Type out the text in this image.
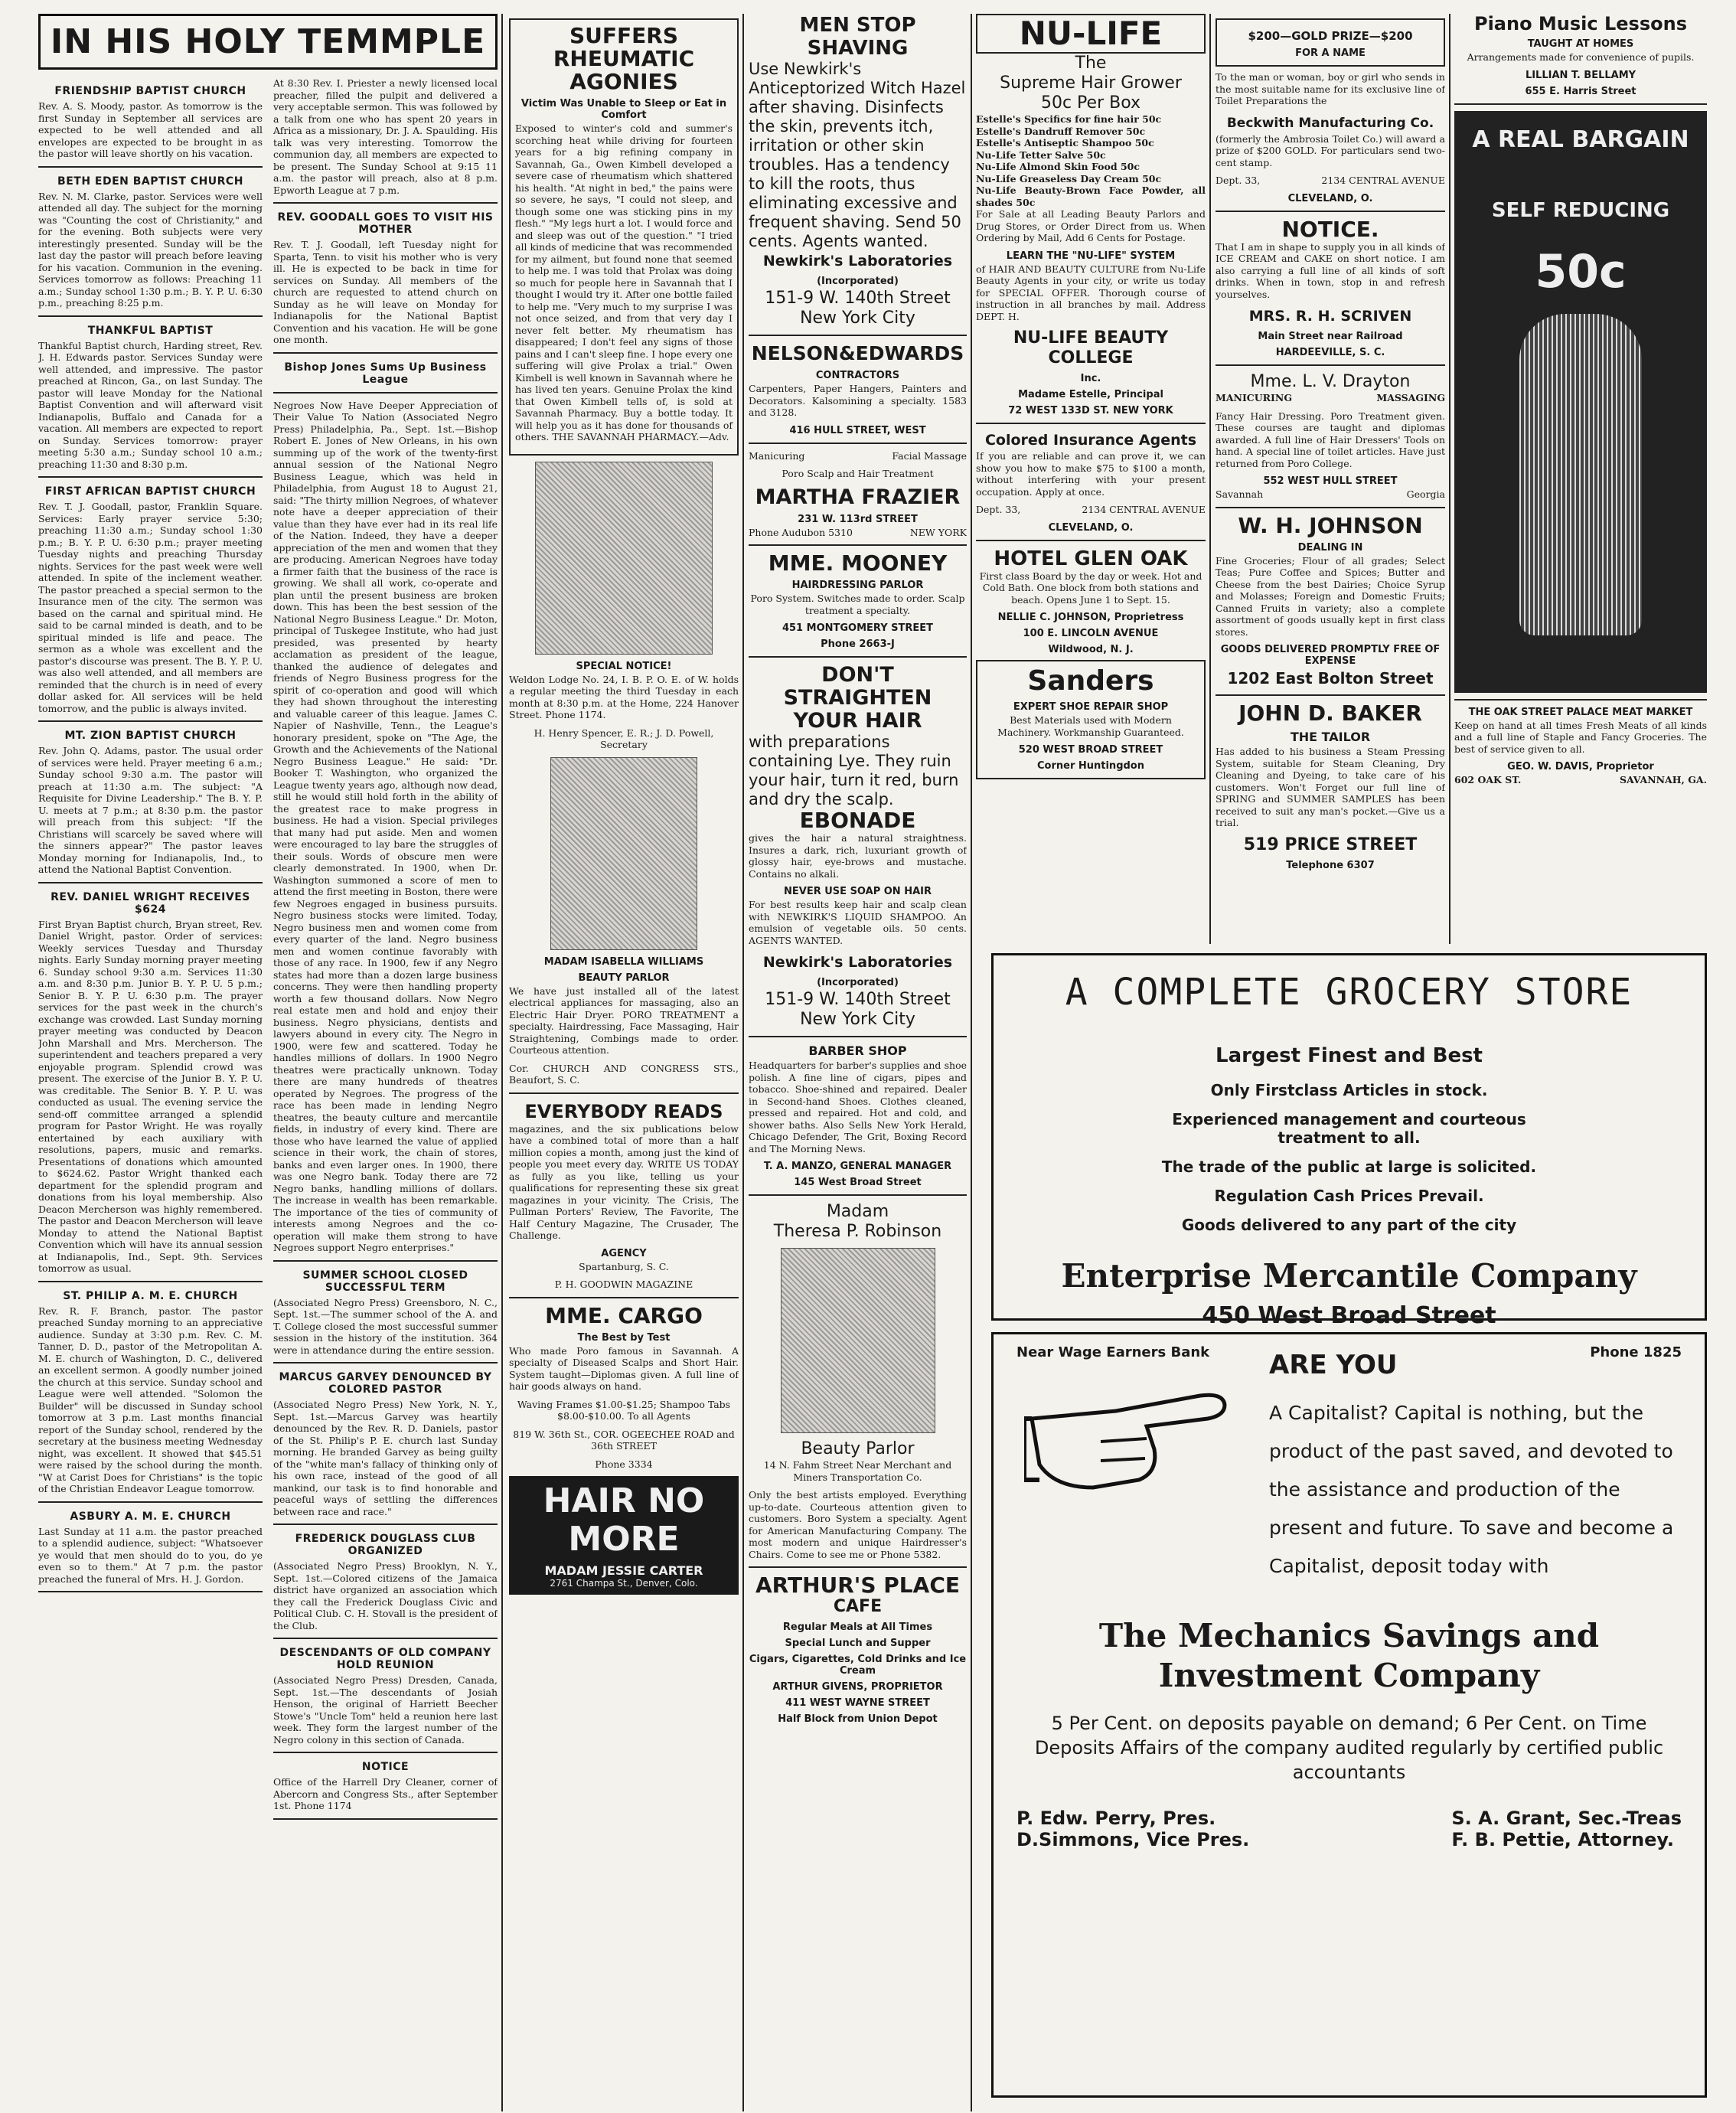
IN HIS HOLY TEMMPLE
FRIENDSHIP BAPTIST CHURCH

Rev. A. S. Moody, pastor. As tomorrow is the first Sunday in September all services are expected to be well attended and all envelopes are expected to be brought in as the pastor will leave shortly on his vacation.

BETH EDEN BAPTIST CHURCH

Rev. N. M. Clarke, pastor. Services were well attended all day. The subject for the morning was "Counting the cost of Christianity," and for the evening. Both subjects were very interestingly presented. Sunday will be the last day the pastor will preach before leaving for his vacation. Communion in the evening. Services tomorrow as follows: Preaching 11 a.m.; Sunday school 1:30 p.m.; B. Y. P. U. 6:30 p.m., preaching 8:25 p.m.

THANKFUL BAPTIST

Thankful Baptist church, Harding street, Rev. J. H. Edwards pastor. Services Sunday were well attended, and impressive. The pastor preached at Rincon, Ga., on last Sunday. The pastor will leave Monday for the National Baptist Convention and will afterward visit Indianapolis, Buffalo and Canada for a vacation. All members are expected to report on Sunday. Services tomorrow: prayer meeting 5:30 a.m.; Sunday school 10 a.m.; preaching 11:30 and 8:30 p.m.

FIRST AFRICAN BAPTIST CHURCH

Rev. T. J. Goodall, pastor, Franklin Square. Services: Early prayer service 5:30; preaching 11:30 a.m.; Sunday school 1:30 p.m.; B. Y. P. U. 6:30 p.m.; prayer meeting Tuesday nights and preaching Thursday nights. Services for the past week were well attended. In spite of the inclement weather. The pastor preached a special sermon to the Insurance men of the city. The sermon was based on the carnal and spiritual mind. He said to be carnal minded is death, and to be spiritual minded is life and peace. The sermon as a whole was excellent and the pastor's discourse was present. The B. Y. P. U. was also well attended, and all members are reminded that the church is in need of every dollar asked for. All services will be held tomorrow, and the public is always invited.

MT. ZION BAPTIST CHURCH

Rev. John Q. Adams, pastor. The usual order of services were held. Prayer meeting 6 a.m.; Sunday school 9:30 a.m. The pastor will preach at 11:30 a.m. The subject: "A Requisite for Divine Leadership." The B. Y. P. U. meets at 7 p.m.; at 8:30 p.m. the pastor will preach from this subject: "If the Christians will scarcely be saved where will the sinners appear?" The pastor leaves Monday morning for Indianapolis, Ind., to attend the National Baptist Convention.

REV. DANIEL WRIGHT RECEIVES $624

First Bryan Baptist church, Bryan street, Rev. Daniel Wright, pastor. Order of services: Weekly services Tuesday and Thursday nights. Early Sunday morning prayer meeting 6. Sunday school 9:30 a.m. Services 11:30 a.m. and 8:30 p.m. Junior B. Y. P. U. 5 p.m.; Senior B. Y. P. U. 6:30 p.m. The prayer services for the past week in the church's exchange was crowded. Last Sunday morning prayer meeting was conducted by Deacon John Marshall and Mrs. Mercherson. The superintendent and teachers prepared a very enjoyable program. Splendid crowd was present. The exercise of the Junior B. Y. P. U. was creditable. The Senior B. Y. P. U. was conducted as usual. The evening service the send-off committee arranged a splendid program for Pastor Wright. He was royally entertained by each auxiliary with resolutions, papers, music and remarks. Presentations of donations which amounted to $624.62. Pastor Wright thanked each department for the splendid program and donations from his loyal membership. Also Deacon Mercherson was highly remembered. The pastor and Deacon Mercherson will leave Monday to attend the National Baptist Convention which will have its annual session at Indianapolis, Ind., Sept. 9th. Services tomorrow as usual.

ST. PHILIP A. M. E. CHURCH

Rev. R. F. Branch, pastor. The pastor preached Sunday morning to an appreciative audience. Sunday at 3:30 p.m. Rev. C. M. Tanner, D. D., pastor of the Metropolitan A. M. E. church of Washington, D. C., delivered an excellent sermon. A goodly number joined the church at this service. Sunday school and League were well attended. "Solomon the Builder" will be discussed in Sunday school tomorrow at 3 p.m. Last months financial report of the Sunday school, rendered by the secretary at the business meeting Wednesday night, was excellent. It showed that $45.51 were raised by the school during the month. "W at Carist Does for Christians" is the topic of the Christian Endeavor League tomorrow.

ASBURY A. M. E. CHURCH

Last Sunday at 11 a.m. the pastor preached to a splendid audience, subject: "Whatsoever ye would that men should do to you, do ye even so to them." At 7 p.m. the pastor preached the funeral of Mrs. H. J. Gordon.

At 8:30 Rev. I. Priester a newly licensed local preacher, filled the pulpit and delivered a very acceptable sermon. This was followed by a talk from one who has spent 20 years in Africa as a missionary, Dr. J. A. Spaulding. His talk was very interesting. Tomorrow the communion day, all members are expected to be present. The Sunday School at 9:15 11 a.m. the pastor will preach, also at 8 p.m. Epworth League at 7 p.m.

REV. GOODALL GOES TO VISIT HIS MOTHER

Rev. T. J. Goodall, left Tuesday night for Sparta, Tenn. to visit his mother who is very ill. He is expected to be back in time for services on Sunday. All members of the church are requested to attend church on Sunday as he will leave on Monday for Indianapolis for the National Baptist Convention and his vacation. He will be gone one month.

Bishop Jones Sums Up Business League

Negroes Now Have Deeper Appreciation of Their Value To Nation (Associated Negro Press) Philadelphia, Pa., Sept. 1st.—Bishop Robert E. Jones of New Orleans, in his own summing up of the work of the twenty-first annual session of the National Negro Business League, which was held in Philadelphia, from August 18 to August 21, said: "The thirty million Negroes, of whatever note have a deeper appreciation of their value than they have ever had in its real life of the Nation. Indeed, they have a deeper appreciation of the men and women that they are producing. American Negroes have today a firmer faith that the business of the race is growing. We shall all work, co-operate and plan until the present business are broken down. This has been the best session of the National Negro Business League." Dr. Moton, principal of Tuskegee Institute, who had just presided, was presented by hearty acclamation as president of the league, thanked the audience of delegates and friends of Negro Business progress for the spirit of co-operation and good will which they had shown throughout the interesting and valuable career of this league. James C. Napier of Nashville, Tenn., the League's honorary president, spoke on "The Age, the Growth and the Achievements of the National Negro Business League." He said: "Dr. Booker T. Washington, who organized the League twenty years ago, although now dead, still he would still hold forth in the ability of the greatest race to make progress in business. He had a vision. Special privileges that many had put aside. Men and women were encouraged to lay bare the struggles of their souls. Words of obscure men were clearly demonstrated. In 1900, when Dr. Washington summoned a score of men to attend the first meeting in Boston, there were few Negroes engaged in business pursuits. Negro business stocks were limited. Today, Negro business men and women come from every quarter of the land. Negro business men and women continue favorably with those of any race. In 1900, few if any Negro states had more than a dozen large business concerns. They were then handling property worth a few thousand dollars. Now Negro real estate men and hold and enjoy their business. Negro physicians, dentists and lawyers abound in every city. The Negro in 1900, were few and scattered. Today he handles millions of dollars. In 1900 Negro theatres were practically unknown. Today there are many hundreds of theatres operated by Negroes. The progress of the race has been made in lending Negro theatres, the beauty culture and mercantile fields, in industry of every kind. There are those who have learned the value of applied science in their work, the chain of stores, banks and even larger ones. In 1900, there was one Negro bank. Today there are 72 Negro banks, handling millions of dollars. The increase in wealth has been remarkable. The importance of the ties of community of interests among Negroes and the co-operation will make them strong to have Negroes support Negro enterprises."

SUMMER SCHOOL CLOSED SUCCESSFUL TERM

(Associated Negro Press) Greensboro, N. C., Sept. 1st.—The summer school of the A. and T. College closed the most successful summer session in the history of the institution. 364 were in attendance during the entire session.

MARCUS GARVEY DENOUNCED BY COLORED PASTOR

(Associated Negro Press) New York, N. Y., Sept. 1st.—Marcus Garvey was heartily denounced by the Rev. R. D. Daniels, pastor of the St. Philip's P. E. church last Sunday morning. He branded Garvey as being guilty of the "white man's fallacy of thinking only of his own race, instead of the good of all mankind, our task is to find honorable and peaceful ways of settling the differences between race and race."

FREDERICK DOUGLASS CLUB ORGANIZED

(Associated Negro Press) Brooklyn, N. Y., Sept. 1st.—Colored citizens of the Jamaica district have organized an association which they call the Frederick Douglass Civic and Political Club. C. H. Stovall is the president of the Club.

DESCENDANTS OF OLD COMPANY HOLD REUNION

(Associated Negro Press) Dresden, Canada, Sept. 1st.—The descendants of Josiah Henson, the original of Harriett Beecher Stowe's "Uncle Tom" held a reunion here last week. They form the largest number of the Negro colony in this section of Canada.

NOTICE

Office of the Harrell Dry Cleaner, corner of Abercorn and Congress Sts., after September 1st. Phone 1174

SUFFERS RHEUMATIC AGONIES
Victim Was Unable to Sleep or Eat in Comfort

Exposed to winter's cold and summer's scorching heat while driving for fourteen years for a big refining company in Savannah, Ga., Owen Kimbell developed a severe case of rheumatism which shattered his health. "At night in bed," the pains were so severe, he says, "I could not sleep, and though some one was sticking pins in my flesh." "My legs hurt a lot. I would force and and sleep was out of the question." "I tried all kinds of medicine that was recommended for my ailment, but found none that seemed to help me. I was told that Prolax was doing so much for people here in Savannah that I thought I would try it. After one bottle failed to help me. "Very much to my surprise I was not once seized, and from that very day I never felt better. My rheumatism has disappeared; I don't feel any signs of those pains and I can't sleep fine. I hope every one suffering will give Prolax a trial." Owen Kimbell is well known in Savannah where he has lived ten years. Genuine Prolax the kind that Owen Kimbell tells of, is sold at Savannah Pharmacy. Buy a bottle today. It will help you as it has done for thousands of others. THE SAVANNAH PHARMACY.—Adv.

SPECIAL NOTICE!

Weldon Lodge No. 24, I. B. P. O. E. of W. holds a regular meeting the third Tuesday in each month at 8:30 p.m. at the Home, 224 Hanover Street. Phone 1174.

H. Henry Spencer, E. R.; J. D. Powell, Secretary

MADAM ISABELLA WILLIAMS
BEAUTY PARLOR

We have just installed all of the latest electrical appliances for massaging, also an Electric Hair Dryer. PORO TREATMENT a specialty. Hairdressing, Face Massaging, Hair Straightening, Combings made to order. Courteous attention.

Cor. CHURCH AND CONGRESS STS., Beaufort, S. C.

EVERYBODY READS

magazines, and the six publications below have a combined total of more than a half million copies a month, among just the kind of people you meet every day. WRITE US TODAY as fully as you like, telling us your qualifications for representing these six great magazines in your vicinity. The Crisis, The Pullman Porters' Review, The Favorite, The Half Century Magazine, The Crusader, The Challenge.

AGENCY
Spartanburg, S. C.
P. H. GOODWIN MAGAZINE
MME. CARGO
The Best by Test

Who made Poro famous in Savannah. A specialty of Diseased Scalps and Short Hair. System taught—Diplomas given. A full line of hair goods always on hand.

Waving Frames $1.00-$1.25; Shampoo Tabs $8.00-$10.00. To all Agents

819 W. 36th St., COR. OGEECHEE ROAD and 36th STREET

Phone 3334

HAIR NO MORE
MADAM JESSIE CARTER
2761 Champa St., Denver, Colo.
MEN STOP SHAVING
Use Newkirk's Anticeptorized Witch Hazel after shaving. Disinfects the skin, prevents itch, irritation or other skin troubles. Has a tendency to kill the roots, thus eliminating excessive and frequent shaving. Send 50 cents. Agents wanted.
Newkirk's Laboratories
(Incorporated)
151-9 W. 140th Street
New York City
NELSON&EDWARDS
CONTRACTORS

Carpenters, Paper Hangers, Painters and Decorators. Kalsomining a specialty. 1583 and 3128.

416 HULL STREET, WEST
Manicuring	Facial Massage
Poro Scalp and Hair Treatment
MARTHA FRAZIER
231 W. 113rd STREET
Phone Audubon 5310	NEW YORK
MME. MOONEY
HAIRDRESSING PARLOR

Poro System. Switches made to order. Scalp treatment a specialty.

451 MONTGOMERY STREET
Phone 2663-J
DON'T STRAIGHTEN YOUR HAIR
with preparations containing Lye. They ruin your hair, turn it red, burn and dry the scalp.
EBONADE

gives the hair a natural straightness. Insures a dark, rich, luxuriant growth of glossy hair, eye-brows and mustache. Contains no alkali.

NEVER USE SOAP ON HAIR

For best results keep hair and scalp clean with NEWKIRK'S LIQUID SHAMPOO. An emulsion of vegetable oils. 50 cents. AGENTS WANTED.

Newkirk's Laboratories
(Incorporated)
151-9 W. 140th Street
New York City
BARBER SHOP

Headquarters for barber's supplies and shoe polish. A fine line of cigars, pipes and tobacco. Shoe-shined and repaired. Dealer in Second-hand Shoes. Clothes cleaned, pressed and repaired. Hot and cold, and shower baths. Also Sells New York Herald, Chicago Defender, The Grit, Boxing Record and The Morning News.

T. A. MANZO, GENERAL MANAGER
145 West Broad Street
Madam
Theresa P. Robinson
Beauty Parlor

14 N. Fahm Street Near Merchant and Miners Transportation Co.

Only the best artists employed. Everything up-to-date. Courteous attention given to customers. Boro System a specialty. Agent for American Manufacturing Company. The most modern and unique Hairdresser's Chairs. Come to see me or Phone 5382.

ARTHUR'S PLACE
CAFE
Regular Meals at All Times
Special Lunch and Supper
Cigars, Cigarettes, Cold Drinks and Ice Cream
ARTHUR GIVENS, PROPRIETOR
411 WEST WAYNE STREET
Half Block from Union Depot
NU-LIFE
The
Supreme Hair Grower
50c Per Box
Estelle's Specifics for fine hair 50c
Estelle's Dandruff Remover 50c
Estelle's Antiseptic Shampoo 50c
Nu-Life Tetter Salve 50c
Nu-Life Almond Skin Food 50c
Nu-Life Greaseless Day Cream 50c
Nu-Life Beauty-Brown Face Powder, all shades 50c

For Sale at all Leading Beauty Parlors and Drug Stores, or Order Direct from us. When Ordering by Mail, Add 6 Cents for Postage.

LEARN THE "NU-LIFE" SYSTEM

of HAIR AND BEAUTY CULTURE from Nu-Life Beauty Agents in your city, or write us today for SPECIAL OFFER. Thorough course of instruction in all branches by mail. Address DEPT. H.

NU-LIFE BEAUTY COLLEGE
Inc.
Madame Estelle, Principal
72 WEST 133D ST. NEW YORK
Colored Insurance Agents

If you are reliable and can prove it, we can show you how to make $75 to $100 a month, without interfering with your present occupation. Apply at once.

Dept. 33,	2134 CENTRAL AVENUE
CLEVELAND, O.
HOTEL GLEN OAK

First class Board by the day or week. Hot and Cold Bath. One block from both stations and beach. Opens June 1 to Sept. 15.

NELLIE C. JOHNSON, Proprietress
100 E. LINCOLN AVENUE
Wildwood, N. J.
Sanders
EXPERT SHOE REPAIR SHOP

Best Materials used with Modern Machinery. Workmanship Guaranteed.

520 WEST BROAD STREET
Corner Huntingdon
$200—GOLD PRIZE—$200
FOR A NAME

To the man or woman, boy or girl who sends in the most suitable name for its exclusive line of Toilet Preparations the

Beckwith Manufacturing Co.

(formerly the Ambrosia Toilet Co.) will award a prize of $200 GOLD. For particulars send two-cent stamp.

Dept. 33,	2134 CENTRAL AVENUE
CLEVELAND, O.
NOTICE.

That I am in shape to supply you in all kinds of ICE CREAM and CAKE on short notice. I am also carrying a full line of all kinds of soft drinks. When in town, stop in and refresh yourselves.

MRS. R. H. SCRIVEN
Main Street near Railroad
HARDEEVILLE, S. C.
Mme. L. V. Drayton
MANICURING	MASSAGING

Fancy Hair Dressing. Poro Treatment given. These courses are taught and diplomas awarded. A full line of Hair Dressers' Tools on hand. A special line of toilet articles. Have just returned from Poro College.

552 WEST HULL STREET
Savannah	Georgia
W. H. JOHNSON
DEALING IN

Fine Groceries; Flour of all grades; Select Teas; Pure Coffee and Spices; Butter and Cheese from the best Dairies; Choice Syrup and Molasses; Foreign and Domestic Fruits; Canned Fruits in variety; also a complete assortment of goods usually kept in first class stores.

GOODS DELIVERED PROMPTLY FREE OF EXPENSE
1202 East Bolton Street
JOHN D. BAKER
THE TAILOR

Has added to his business a Steam Pressing System, suitable for Steam Cleaning, Dry Cleaning and Dyeing, to take care of his customers. Won't Forget our full line of SPRING and SUMMER SAMPLES has been received to suit any man's pocket.—Give us a trial.

519 PRICE STREET
Telephone 6307
Piano Music Lessons
TAUGHT AT HOMES

Arrangements made for convenience of pupils.

LILLIAN T. BELLAMY
655 E. Harris Street
A REAL BARGAIN
SELF REDUCING
50c
THE OAK STREET PALACE MEAT MARKET

Keep on hand at all times Fresh Meats of all kinds and a full line of Staple and Fancy Groceries. The best of service given to all.

GEO. W. DAVIS, Proprietor
602 OAK ST.	SAVANNAH, GA.
A COMPLETE GROCERY STORE
Largest Finest and Best
Only Firstclass Articles in stock.
Experienced management and courteous treatment to all.
The trade of the public at large is solicited.
Regulation Cash Prices Prevail.
Goods delivered to any part of the city
Enterprise Mercantile Company
450 West Broad Street
Near Wage Earners Bank	Phone 1825
ARE YOU
A Capitalist? Capital is nothing, but the product of the past saved, and devoted to the assistance and production of the present and future. To save and become a Capitalist, deposit today with
The Mechanics Savings and Investment Company
5 Per Cent. on deposits payable on demand; 6 Per Cent. on Time Deposits Affairs of the company audited regularly by certified public accountants
P. Edw. Perry, Pres.
D.Simmons, Vice Pres.
S. A. Grant, Sec.-Treas
F. B. Pettie, Attorney.
